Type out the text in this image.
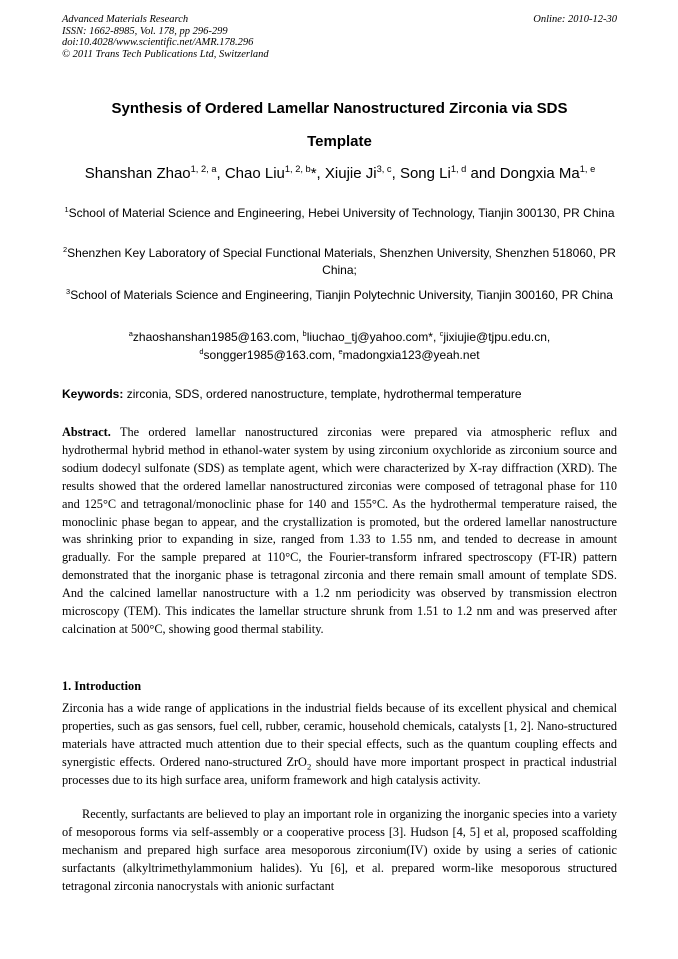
Advanced Materials Research
ISSN: 1662-8985, Vol. 178, pp 296-299
doi:10.4028/www.scientific.net/AMR.178.296
© 2011 Trans Tech Publications Ltd, Switzerland
Online: 2010-12-30
Synthesis of Ordered Lamellar Nanostructured Zirconia via SDS
Template
Shanshan Zhao$^{1, 2, a}$, Chao Liu$^{1, 2, b}$*, Xiujie Ji$^{3, c}$, Song Li$^{1, d}$ and Dongxia Ma$^{1, e}$
$^1$School of Material Science and Engineering, Hebei University of Technology, Tianjin 300130, PR China
$^2$Shenzhen Key Laboratory of Special Functional Materials, Shenzhen University, Shenzhen 518060, PR China;
$^3$School of Materials Science and Engineering, Tianjin Polytechnic University, Tianjin 300160, PR China
$^a$zhaoshanshan1985@163.com, $^b$liuchao_tj@yahoo.com*, $^c$jixiujie@tjpu.edu.cn,
$^d$songger1985@163.com, $^e$madongxia123@yeah.net
Keywords: zirconia, SDS, ordered nanostructure, template, hydrothermal temperature
Abstract. The ordered lamellar nanostructured zirconias were prepared via atmospheric reflux and hydrothermal hybrid method in ethanol-water system by using zirconium oxychloride as zirconium source and sodium dodecyl sulfonate (SDS) as template agent, which were characterized by X-ray diffraction (XRD). The results showed that the ordered lamellar nanostructured zirconias were composed of tetragonal phase for 110 and 125°C and tetragonal/monoclinic phase for 140 and 155°C. As the hydrothermal temperature raised, the monoclinic phase began to appear, and the crystallization is promoted, but the ordered lamellar nanostructure was shrinking prior to expanding in size, ranged from 1.33 to 1.55 nm, and tended to decrease in amount gradually. For the sample prepared at 110°C, the Fourier-transform infrared spectroscopy (FT-IR) pattern demonstrated that the inorganic phase is tetragonal zirconia and there remain small amount of template SDS. And the calcined lamellar nanostructure with a 1.2 nm periodicity was observed by transmission electron microscopy (TEM). This indicates the lamellar structure shrunk from 1.51 to 1.2 nm and was preserved after calcination at 500°C, showing good thermal stability.
1. Introduction
Zirconia has a wide range of applications in the industrial fields because of its excellent physical and chemical properties, such as gas sensors, fuel cell, rubber, ceramic, household chemicals, catalysts [1, 2]. Nano-structured materials have attracted much attention due to their special effects, such as the quantum coupling effects and synergistic effects. Ordered nano-structured ZrO$_2$ should have more important prospect in practical industrial processes due to its high surface area, uniform framework and high catalysis activity.
Recently, surfactants are believed to play an important role in organizing the inorganic species into a variety of mesoporous forms via self-assembly or a cooperative process [3]. Hudson [4, 5] et al, proposed scaffolding mechanism and prepared high surface area mesoporous zirconium(IV) oxide by using a series of cationic surfactants (alkyltrimethylammonium halides). Yu [6], et al. prepared worm-like mesoporous structured tetragonal zirconia nanocrystals with anionic surfactant
